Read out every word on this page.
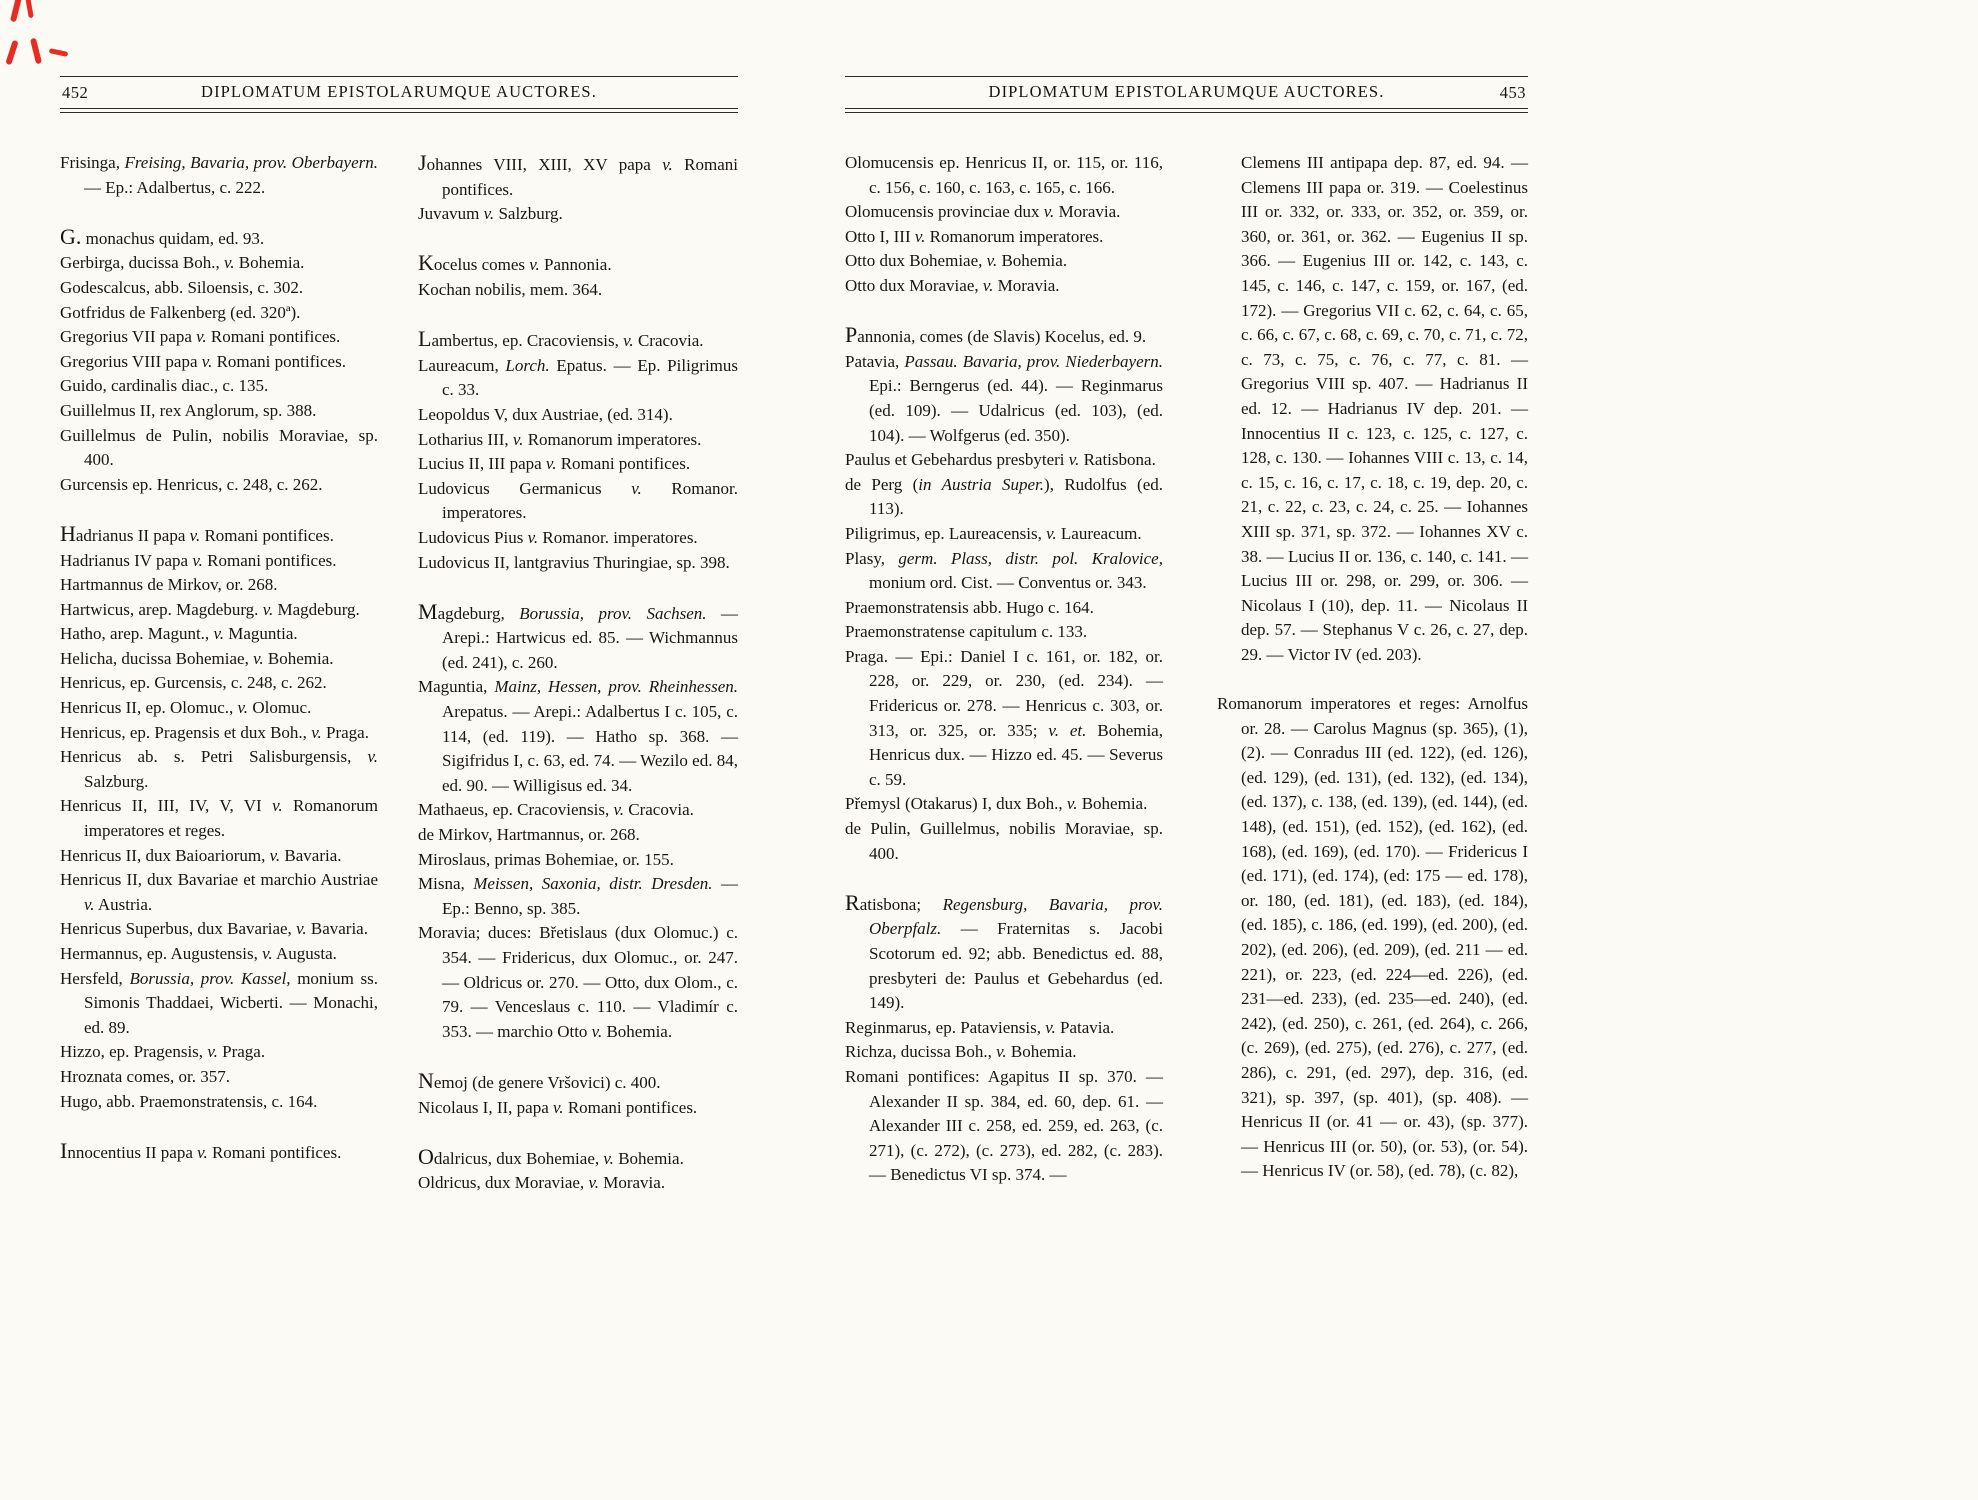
452	DIPLOMATUM EPISTOLARUMQUE AUCTORES.

Frisinga, Freising, Bavaria, prov. Oberbayern. — Ep.: Adalbertus, c. 222.

G. monachus quidam, ed. 93.

Gerbirga, ducissa Boh., v. Bohemia.

Godescalcus, abb. Siloensis, c. 302.

Gotfridus de Falkenberg (ed. 320ª).

Gregorius VII papa v. Romani pontifices.

Gregorius VIII papa v. Romani pontifices.

Guido, cardinalis diac., c. 135.

Guillelmus II, rex Anglorum, sp. 388.

Guillelmus de Pulin, nobilis Moraviae, sp. 400.

Gurcensis ep. Henricus, c. 248, c. 262.

Hadrianus II papa v. Romani pontifices.

Hadrianus IV papa v. Romani pontifices.

Hartmannus de Mirkov, or. 268.

Hartwicus, arep. Magdeburg. v. Magdeburg.

Hatho, arep. Magunt., v. Maguntia.

Helicha, ducissa Bohemiae, v. Bohemia.

Henricus, ep. Gurcensis, c. 248, c. 262.

Henricus II, ep. Olomuc., v. Olomuc.

Henricus, ep. Pragensis et dux Boh., v. Praga.

Henricus ab. s. Petri Salisburgensis, v. Salzburg.

Henricus II, III, IV, V, VI v. Romanorum imperatores et reges.

Henricus II, dux Baioariorum, v. Bavaria.

Henricus II, dux Bavariae et marchio Austriae v. Austria.

Henricus Superbus, dux Bavariae, v. Bavaria.

Hermannus, ep. Augustensis, v. Augusta.

Hersfeld, Borussia, prov. Kassel, monium ss. Simonis Thaddaei, Wicberti. — Monachi, ed. 89.

Hizzo, ep. Pragensis, v. Praga.

Hroznata comes, or. 357.

Hugo, abb. Praemonstratensis, c. 164.

Innocentius II papa v. Romani pontifices.

Johannes VIII, XIII, XV papa v. Romani pontifices.

Juvavum v. Salzburg.

Kocelus comes v. Pannonia.

Kochan nobilis, mem. 364.

Lambertus, ep. Cracoviensis, v. Cracovia.

Laureacum, Lorch. Epatus. — Ep. Piligrimus c. 33.

Leopoldus V, dux Austriae, (ed. 314).

Lotharius III, v. Romanorum imperatores.

Lucius II, III papa v. Romani pontifices.

Ludovicus Germanicus v. Romanor. imperatores.

Ludovicus Pius v. Romanor. imperatores.

Ludovicus II, lantgravius Thuringiae, sp. 398.

Magdeburg, Borussia, prov. Sachsen. — Arepi.: Hartwicus ed. 85. — Wichmannus (ed. 241), c. 260.

Maguntia, Mainz, Hessen, prov. Rheinhessen. Arepatus. — Arepi.: Adalbertus I c. 105, c. 114, (ed. 119). — Hatho sp. 368. — Sigifridus I, c. 63, ed. 74. — Wezilo ed. 84, ed. 90. — Willigisus ed. 34.

Mathaeus, ep. Cracoviensis, v. Cracovia.

de Mirkov, Hartmannus, or. 268.

Miroslaus, primas Bohemiae, or. 155.

Misna, Meissen, Saxonia, distr. Dresden. — Ep.: Benno, sp. 385.

Moravia; duces: Břetislaus (dux Olomuc.) c. 354. — Fridericus, dux Olomuc., or. 247. — Oldricus or. 270. — Otto, dux Olom., c. 79. — Venceslaus c. 110. — Vladimír c. 353. — marchio Otto v. Bohemia.

Nemoj (de genere Vršovici) c. 400.

Nicolaus I, II, papa v. Romani pontifices.

Odalricus, dux Bohemiae, v. Bohemia.

Oldricus, dux Moraviae, v. Moravia.

DIPLOMATUM EPISTOLARUMQUE AUCTORES.	453

Olomucensis ep. Henricus II, or. 115, or. 116, c. 156, c. 160, c. 163, c. 165, c. 166.

Olomucensis provinciae dux v. Moravia.

Otto I, III v. Romanorum imperatores.

Otto dux Bohemiae, v. Bohemia.

Otto dux Moraviae, v. Moravia.

Pannonia, comes (de Slavis) Kocelus, ed. 9.

Patavia, Passau. Bavaria, prov. Niederbayern. Epi.: Berngerus (ed. 44). — Reginmarus (ed. 109). — Udalricus (ed. 103), (ed. 104). — Wolfgerus (ed. 350).

Paulus et Gebehardus presbyteri v. Ratisbona.

de Perg (in Austria Super.), Rudolfus (ed. 113).

Piligrimus, ep. Laureacensis, v. Laureacum.

Plasy, germ. Plass, distr. pol. Kralovice, monium ord. Cist. — Conventus or. 343.

Praemonstratensis abb. Hugo c. 164.

Praemonstratense capitulum c. 133.

Praga. — Epi.: Daniel I c. 161, or. 182, or. 228, or. 229, or. 230, (ed. 234). — Fridericus or. 278. — Henricus c. 303, or. 313, or. 325, or. 335; v. et. Bohemia, Henricus dux. — Hizzo ed. 45. — Severus c. 59.

Přemysl (Otakarus) I, dux Boh., v. Bohemia.

de Pulin, Guillelmus, nobilis Moraviae, sp. 400.

Ratisbona; Regensburg, Bavaria, prov. Oberpfalz. — Fraternitas s. Jacobi Scotorum ed. 92; abb. Benedictus ed. 88, presbyteri de: Paulus et Gebehardus (ed. 149).

Reginmarus, ep. Pataviensis, v. Patavia.

Richza, ducissa Boh., v. Bohemia.

Romani pontifices: Agapitus II sp. 370. — Alexander II sp. 384, ed. 60, dep. 61. — Alexander III c. 258, ed. 259, ed. 263, (c. 271), (c. 272), (c. 273), ed. 282, (c. 283). — Benedictus VI sp. 374. —

Clemens III antipapa dep. 87, ed. 94. — Clemens III papa or. 319. — Coelestinus III or. 332, or. 333, or. 352, or. 359, or. 360, or. 361, or. 362. — Eugenius II sp. 366. — Eugenius III or. 142, c. 143, c. 145, c. 146, c. 147, c. 159, or. 167, (ed. 172). — Gregorius VII c. 62, c. 64, c. 65, c. 66, c. 67, c. 68, c. 69, c. 70, c. 71, c. 72, c. 73, c. 75, c. 76, c. 77, c. 81. — Gregorius VIII sp. 407. — Hadrianus II ed. 12. — Hadrianus IV dep. 201. — Innocentius II c. 123, c. 125, c. 127, c. 128, c. 130. — Iohannes VIII c. 13, c. 14, c. 15, c. 16, c. 17, c. 18, c. 19, dep. 20, c. 21, c. 22, c. 23, c. 24, c. 25. — Iohannes XIII sp. 371, sp. 372. — Iohannes XV c. 38. — Lucius II or. 136, c. 140, c. 141. — Lucius III or. 298, or. 299, or. 306. — Nicolaus I (10), dep. 11. — Nicolaus II dep. 57. — Stephanus V c. 26, c. 27, dep. 29. — Victor IV (ed. 203).

Romanorum imperatores et reges: Arnolfus or. 28. — Carolus Magnus (sp. 365), (1), (2). — Conradus III (ed. 122), (ed. 126), (ed. 129), (ed. 131), (ed. 132), (ed. 134), (ed. 137), c. 138, (ed. 139), (ed. 144), (ed. 148), (ed. 151), (ed. 152), (ed. 162), (ed. 168), (ed. 169), (ed. 170). — Fridericus I (ed. 171), (ed. 174), (ed: 175 — ed. 178), or. 180, (ed. 181), (ed. 183), (ed. 184), (ed. 185), c. 186, (ed. 199), (ed. 200), (ed. 202), (ed. 206), (ed. 209), (ed. 211 — ed. 221), or. 223, (ed. 224—ed. 226), (ed. 231—ed. 233), (ed. 235—ed. 240), (ed. 242), (ed. 250), c. 261, (ed. 264), c. 266, (c. 269), (ed. 275), (ed. 276), c. 277, (ed. 286), c. 291, (ed. 297), dep. 316, (ed. 321), sp. 397, (sp. 401), (sp. 408). — Henricus II (or. 41 — or. 43), (sp. 377). — Henricus III (or. 50), (or. 53), (or. 54). — Henricus IV (or. 58), (ed. 78), (c. 82),
